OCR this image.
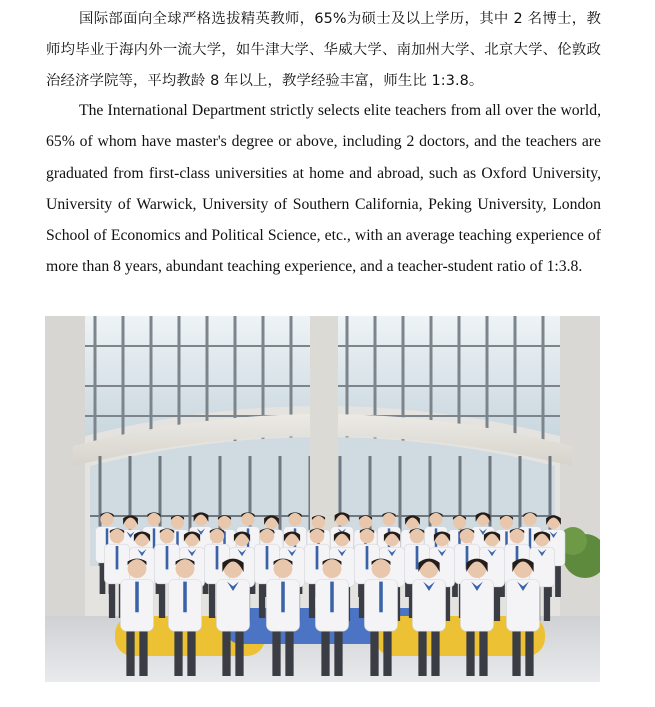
国际部面向全球严格选拔精英教师，65%为硕士及以上学历，其中 2 名博士，教师均毕业于海内外一流大学，如牛津大学、华威大学、南加州大学、北京大学、伦敦政治经济学院等，平均教龄 8 年以上，教学经验丰富，师生比 1:3.8。

The International Department strictly selects elite teachers from all over the world, 65% of whom have master's degree or above, including 2 doctors, and the teachers are graduated from first-class universities at home and abroad, such as Oxford University, University of Warwick, University of Southern California, Peking University, London School of Economics and Political Science, etc., with an average teaching experience of more than 8 years, abundant teaching experience, and a teacher-student ratio of 1:3.8.
